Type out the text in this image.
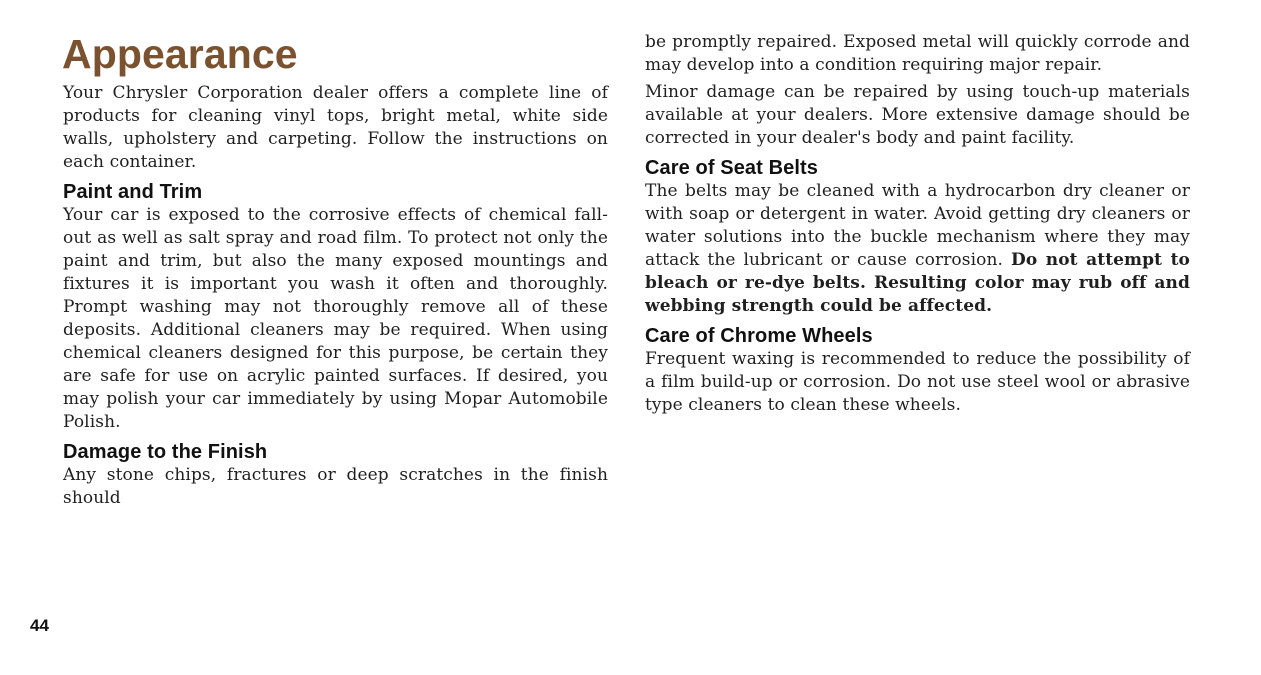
Appearance

Your Chrysler Corporation dealer offers a complete line of products for cleaning vinyl tops, bright metal, white side walls, upholstery and carpeting. Follow the instructions on each container.

Paint and Trim

Your car is exposed to the corrosive effects of chemical fall-out as well as salt spray and road film. To protect not only the paint and trim, but also the many exposed mountings and fixtures it is important you wash it often and thoroughly. Prompt washing may not thoroughly remove all of these deposits. Additional cleaners may be required. When using chemical cleaners designed for this purpose, be certain they are safe for use on acrylic painted surfaces. If desired, you may polish your car immediately by using Mopar Automobile Polish.

Damage to the Finish

Any stone chips, fractures or deep scratches in the finish should

be promptly repaired. Exposed metal will quickly corrode and may develop into a condition requiring major repair.

Minor damage can be repaired by using touch-up materials available at your dealers. More extensive damage should be corrected in your dealer's body and paint facility.

Care of Seat Belts

The belts may be cleaned with a hydrocarbon dry cleaner or with soap or detergent in water. Avoid getting dry cleaners or water solutions into the buckle mechanism where they may attack the lubricant or cause corrosion. Do not attempt to bleach or re-dye belts. Resulting color may rub off and webbing strength could be affected.

Care of Chrome Wheels

Frequent waxing is recommended to reduce the possibility of a film build-up or corrosion. Do not use steel wool or abrasive type cleaners to clean these wheels.

44
